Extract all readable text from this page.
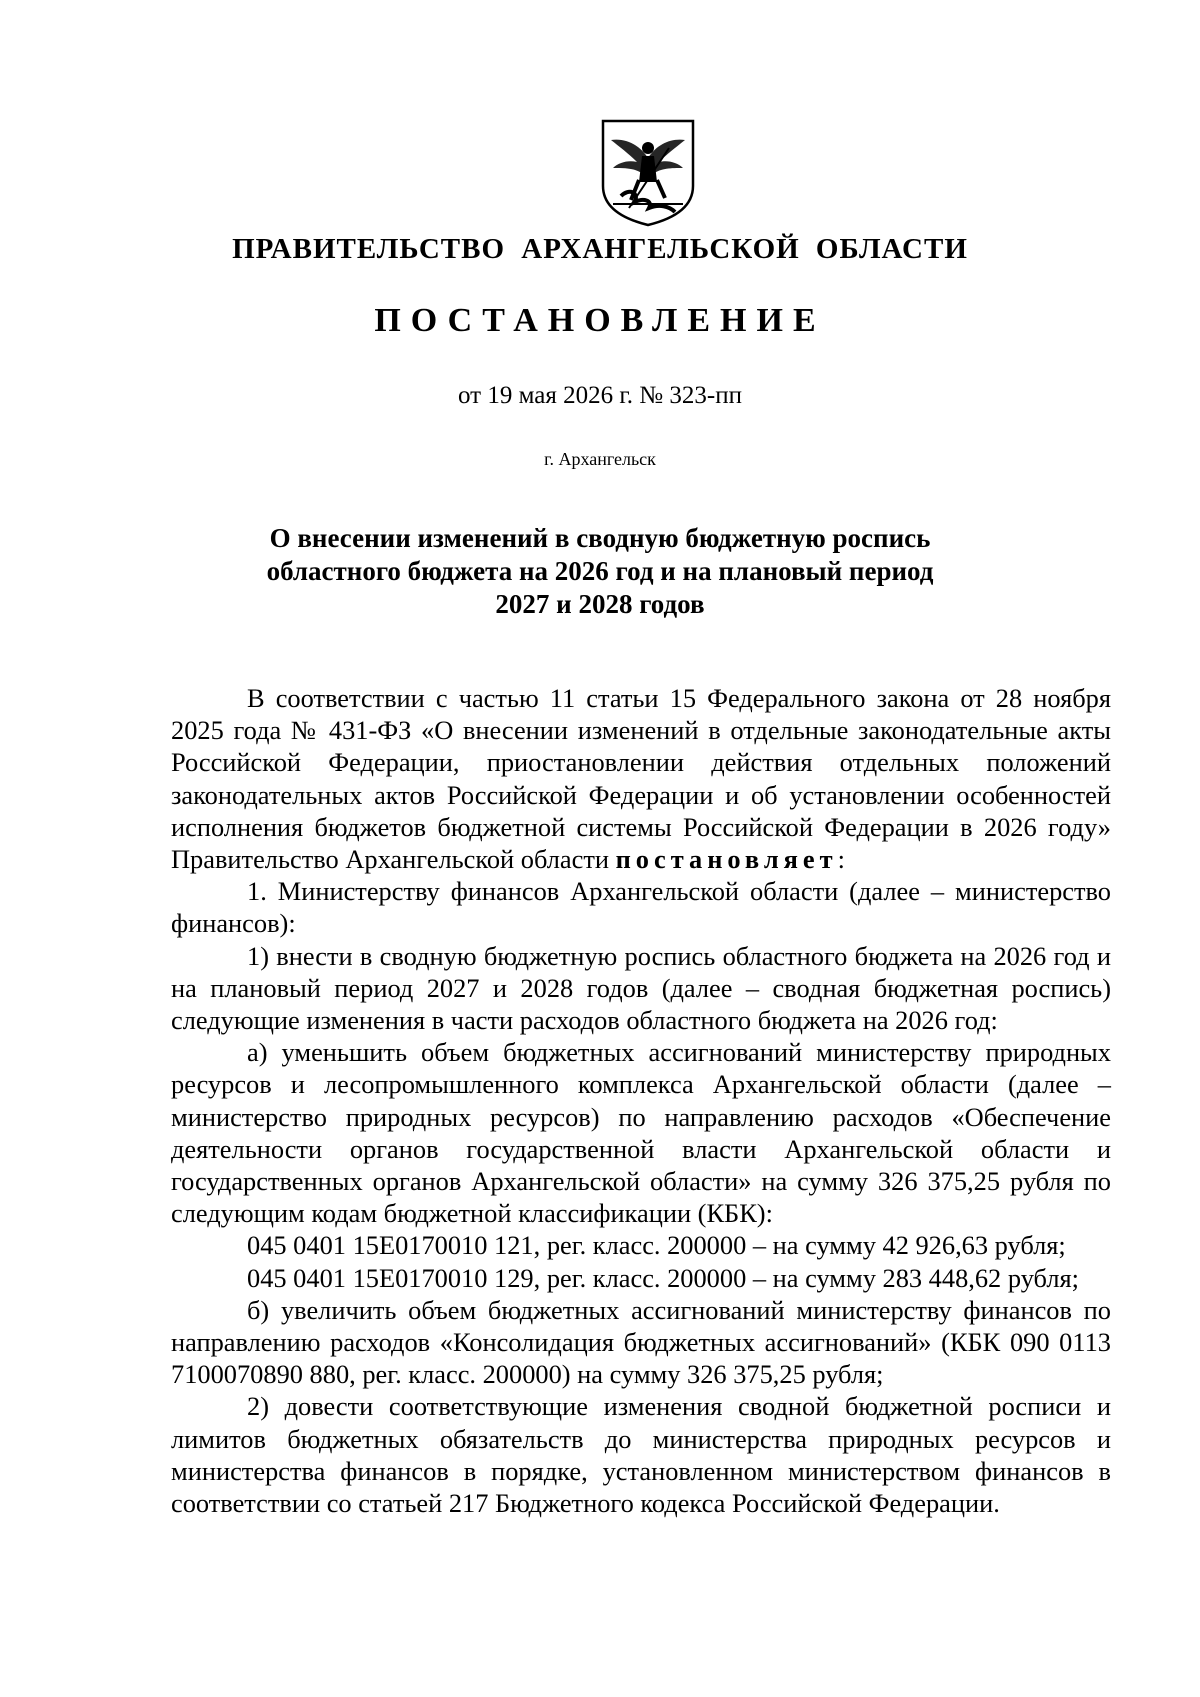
ПРАВИТЕЛЬСТВО АРХАНГЕЛЬСКОЙ ОБЛАСТИ
ПОСТАНОВЛЕНИЕ
от 19 мая 2026 г. № 323-пп
г. Архангельск
О внесении изменений в сводную бюджетную роспись
областного бюджета на 2026 год и на плановый период
2027 и 2028 годов

В соответствии с частью 11 статьи 15 Федерального закона от 28 ноября 2025 года № 431-ФЗ «О внесении изменений в отдельные законодательные акты Российской Федерации, приостановлении действия отдельных положений законодательных актов Российской Федерации и об установлении особенностей исполнения бюджетов бюджетной системы Российской Федерации в 2026 году» Правительство Архангельской области постановляет:

1. Министерству финансов Архангельской области (далее – министерство финансов):

1) внести в сводную бюджетную роспись областного бюджета на 2026 год и на плановый период 2027 и 2028 годов (далее – сводная бюджетная роспись) следующие изменения в части расходов областного бюджета на 2026 год:

а) уменьшить объем бюджетных ассигнований министерству природных ресурсов и лесопромышленного комплекса Архангельской области (далее – министерство природных ресурсов) по направлению расходов «Обеспечение деятельности органов государственной власти Архангельской области и государственных органов Архангельской области» на сумму 326 375,25 рубля по следующим кодам бюджетной классификации (КБК):

045 0401 15Е0170010 121, рег. класс. 200000 – на сумму 42 926,63 рубля;

045 0401 15Е0170010 129, рег. класс. 200000 – на сумму 283 448,62 рубля;

б) увеличить объем бюджетных ассигнований министерству финансов по направлению расходов «Консолидация бюджетных ассигнований» (КБК 090 0113 7100070890 880, рег. класс. 200000) на сумму 326 375,25 рубля;

2) довести соответствующие изменения сводной бюджетной росписи и лимитов бюджетных обязательств до министерства природных ресурсов и министерства финансов в порядке, установленном министерством финансов в соответствии со статьей 217 Бюджетного кодекса Российской Федерации.
